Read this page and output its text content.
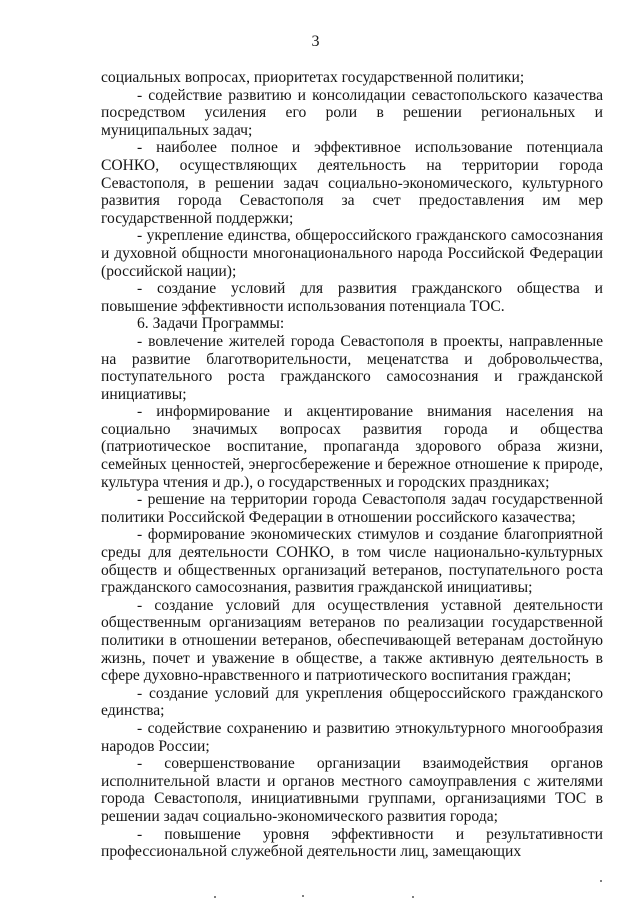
3

социальных вопросах, приоритетах государственной политики;

- содействие развитию и консолидации севастопольского казачества посредством усиления его роли в решении региональных и муниципальных задач;

- наиболее полное и эффективное использование потенциала СОНКО, осуществляющих деятельность на территории города Севастополя, в решении задач социально-экономического, культурного развития города Севастополя за счет предоставления им мер государственной поддержки;

- укрепление единства, общероссийского гражданского самосознания и духовной общности многонационального народа Российской Федерации (российской нации);

- создание условий для развития гражданского общества и повышение эффективности использования потенциала ТОС.

6. Задачи Программы:

- вовлечение жителей города Севастополя в проекты, направленные на развитие благотворительности, меценатства и добровольчества, поступательного роста гражданского самосознания и гражданской инициативы;

- информирование и акцентирование внимания населения на социально значимых вопросах развития города и общества (патриотическое воспитание, пропаганда здорового образа жизни, семейных ценностей, энергосбережение и бережное отношение к природе, культура чтения и др.), о государственных и городских праздниках;

- решение на территории города Севастополя задач государственной политики Российской Федерации в отношении российского казачества;

- формирование экономических стимулов и создание благоприятной среды для деятельности СОНКО, в том числе национально-культурных обществ и общественных организаций ветеранов, поступательного роста гражданского самосознания, развития гражданской инициативы;

- создание условий для осуществления уставной деятельности общественным организациям ветеранов по реализации государственной политики в отношении ветеранов, обеспечивающей ветеранам достойную жизнь, почет и уважение в обществе, а также активную деятельность в сфере духовно-нравственного и патриотического воспитания граждан;

- создание условий для укрепления общероссийского гражданского единства;

- содействие сохранению и развитию этнокультурного многообразия народов России;

- совершенствование организации взаимодействия органов исполнительной власти и органов местного самоуправления с жителями города Севастополя, инициативными группами, организациями ТОС в решении задач социально-экономического развития города;

- повышение уровня эффективности и результативности профессиональной служебной деятельности лиц, замещающих
